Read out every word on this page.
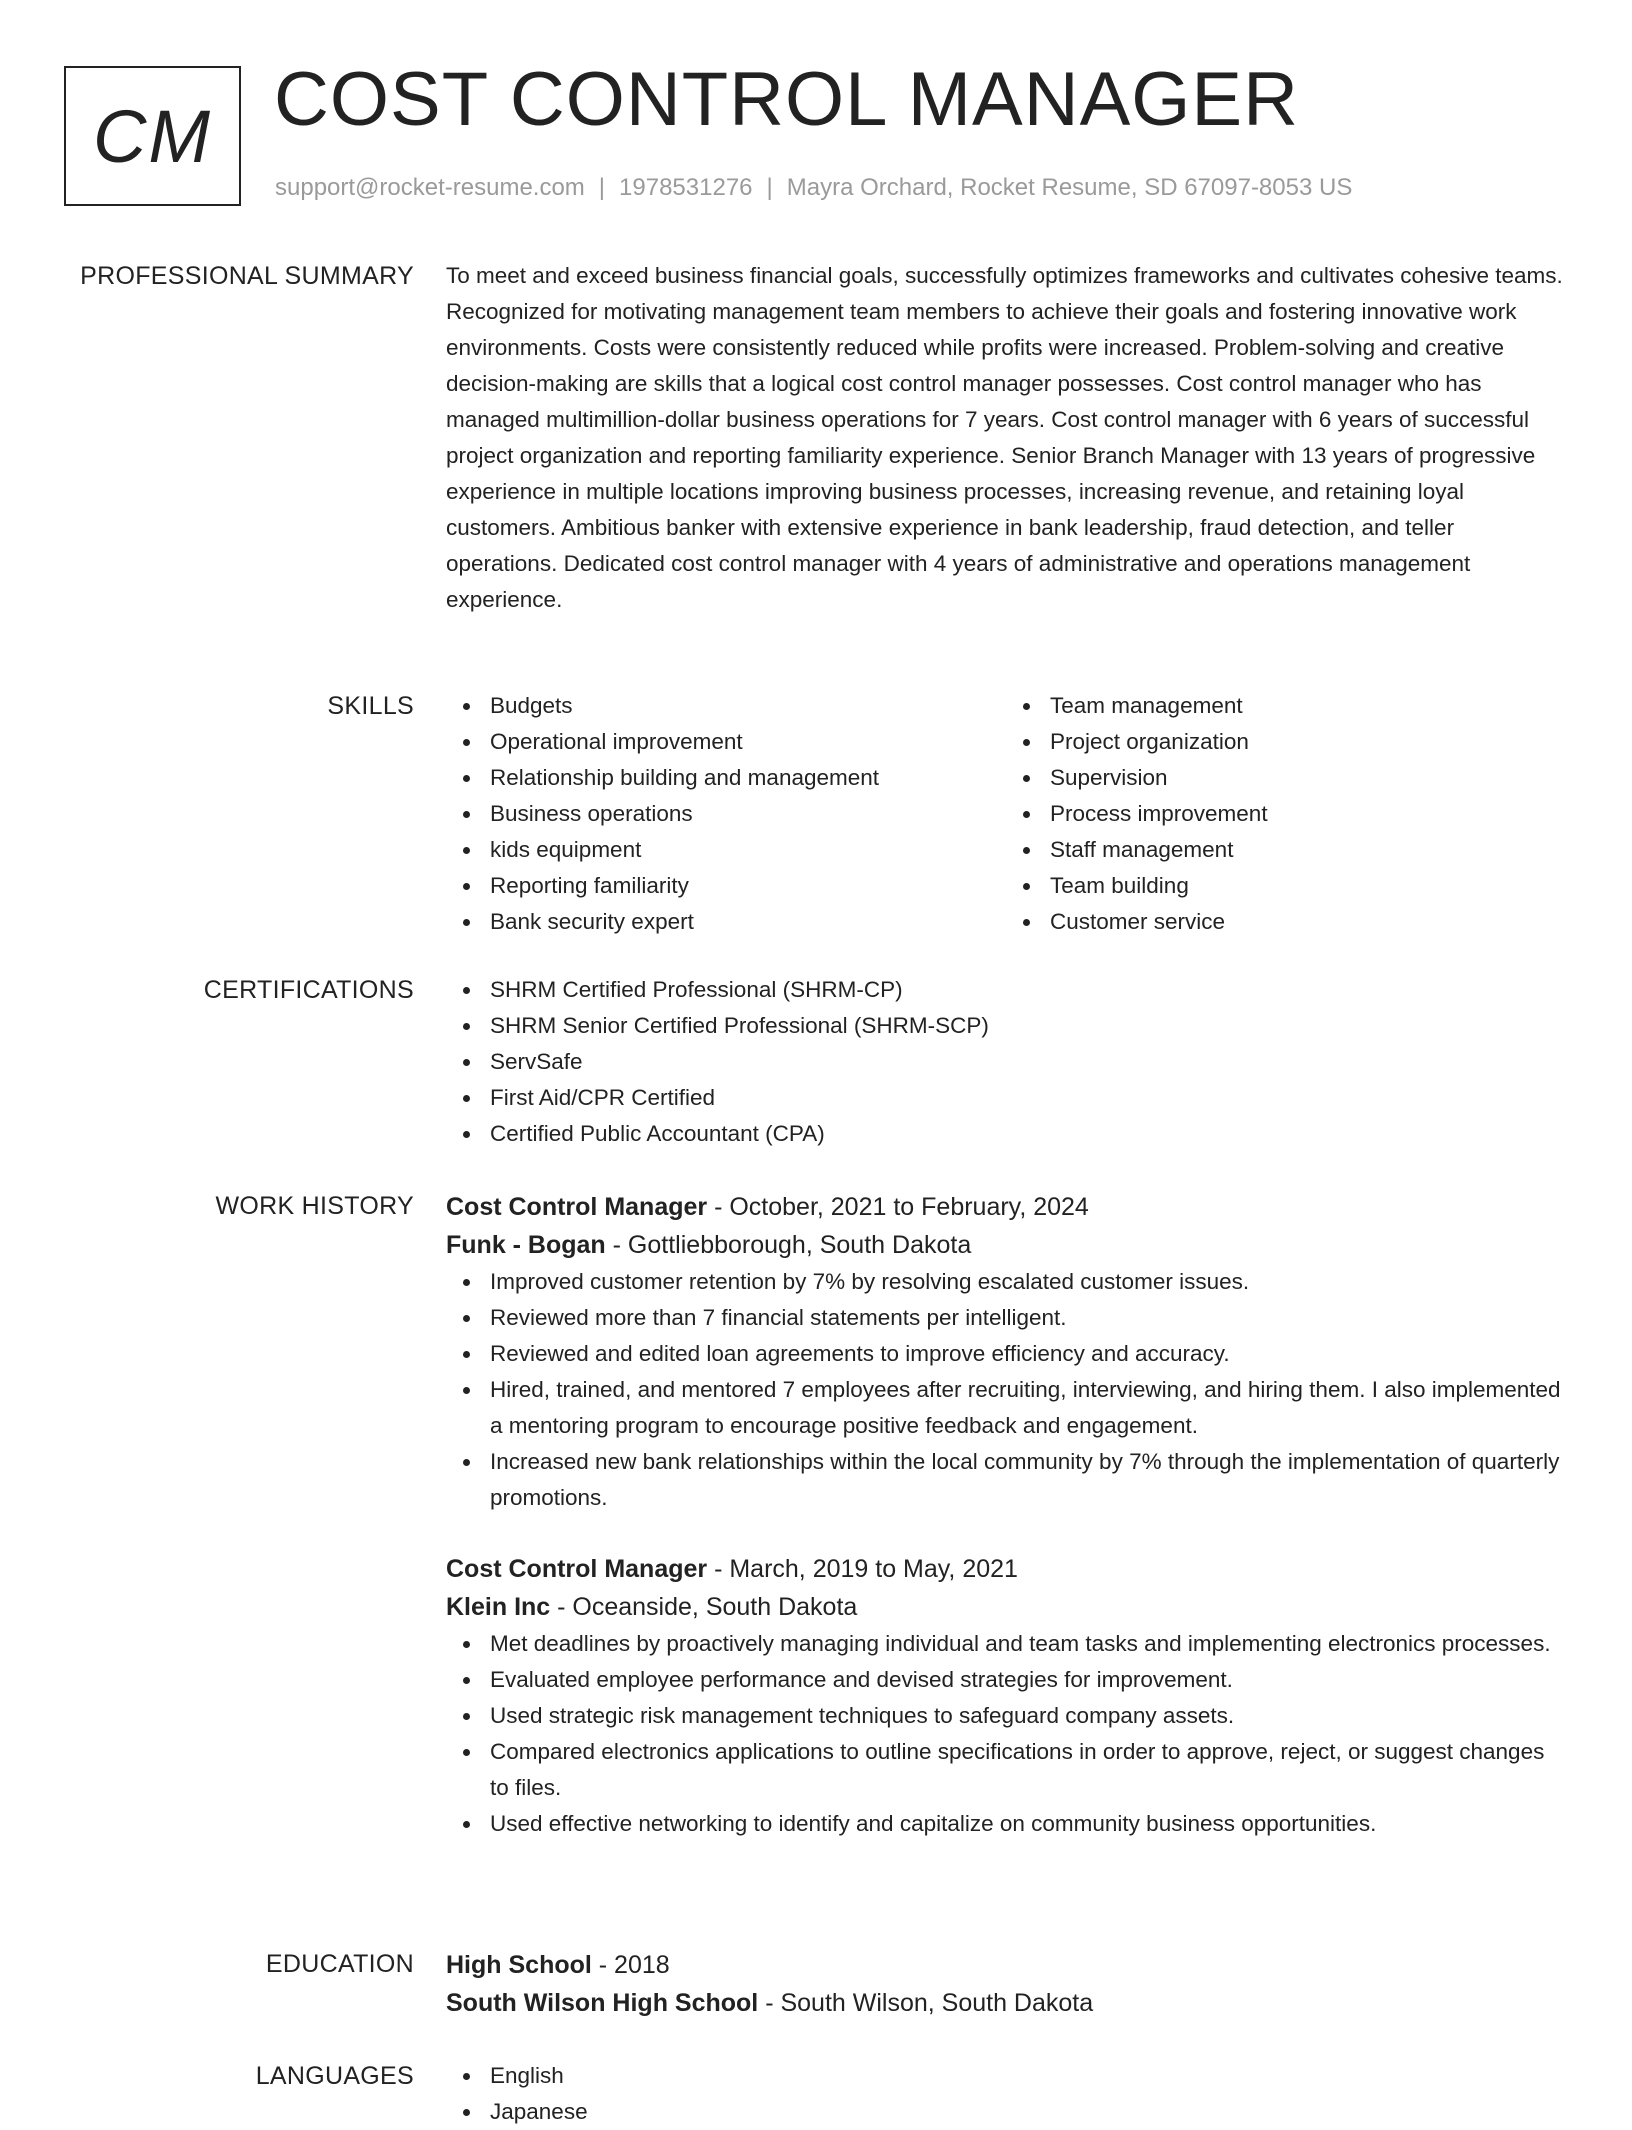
CM COST CONTROL MANAGER
support@rocket-resume.com | 1978531276 | Mayra Orchard, Rocket Resume, SD 67097-8053 US
PROFESSIONAL SUMMARY To meet and exceed business financial goals, successfully optimizes frameworks and cultivates cohesive teams. Recognized for motivating management team members to achieve their goals and fostering innovative work environments. Costs were consistently reduced while profits were increased. Problem-solving and creative decision-making are skills that a logical cost control manager possesses. Cost control manager who has managed multimillion-dollar business operations for 7 years. Cost control manager with 6 years of successful project organization and reporting familiarity experience. Senior Branch Manager with 13 years of progressive experience in multiple locations improving business processes, increasing revenue, and retaining loyal customers. Ambitious banker with extensive experience in bank leadership, fraud detection, and teller operations. Dedicated cost control manager with 4 years of administrative and operations management experience.
SKILLS	Budgets
Operational improvement
Relationship building and management
Business operations
kids equipment
Reporting familiarity
Bank security expert
Team management
Project organization
Supervision
Process improvement
Staff management
Team building
Customer service
CERTIFICATIONS	SHRM Certified Professional (SHRM-CP)
SHRM Senior Certified Professional (SHRM-SCP)
ServSafe
First Aid/CPR Certified
Certified Public Accountant (CPA)
WORK HISTORY Cost Control Manager - October, 2021 to February, 2024
Funk - Bogan - Gottliebborough, South Dakota
Improved customer retention by 7% by resolving escalated customer issues.
Reviewed more than 7 financial statements per intelligent.
Reviewed and edited loan agreements to improve efficiency and accuracy.
Hired, trained, and mentored 7 employees after recruiting, interviewing, and hiring them. I also implemented a mentoring program to encourage positive feedback and engagement.
Increased new bank relationships within the local community by 7% through the implementation of quarterly promotions.
Cost Control Manager - March, 2019 to May, 2021
Klein Inc - Oceanside, South Dakota
Met deadlines by proactively managing individual and team tasks and implementing electronics processes.
Evaluated employee performance and devised strategies for improvement.
Used strategic risk management techniques to safeguard company assets.
Compared electronics applications to outline specifications in order to approve, reject, or suggest changes to files.
Used effective networking to identify and capitalize on community business opportunities.
EDUCATION High School - 2018
South Wilson High School - South Wilson, South Dakota
LANGUAGES	English
Japanese
